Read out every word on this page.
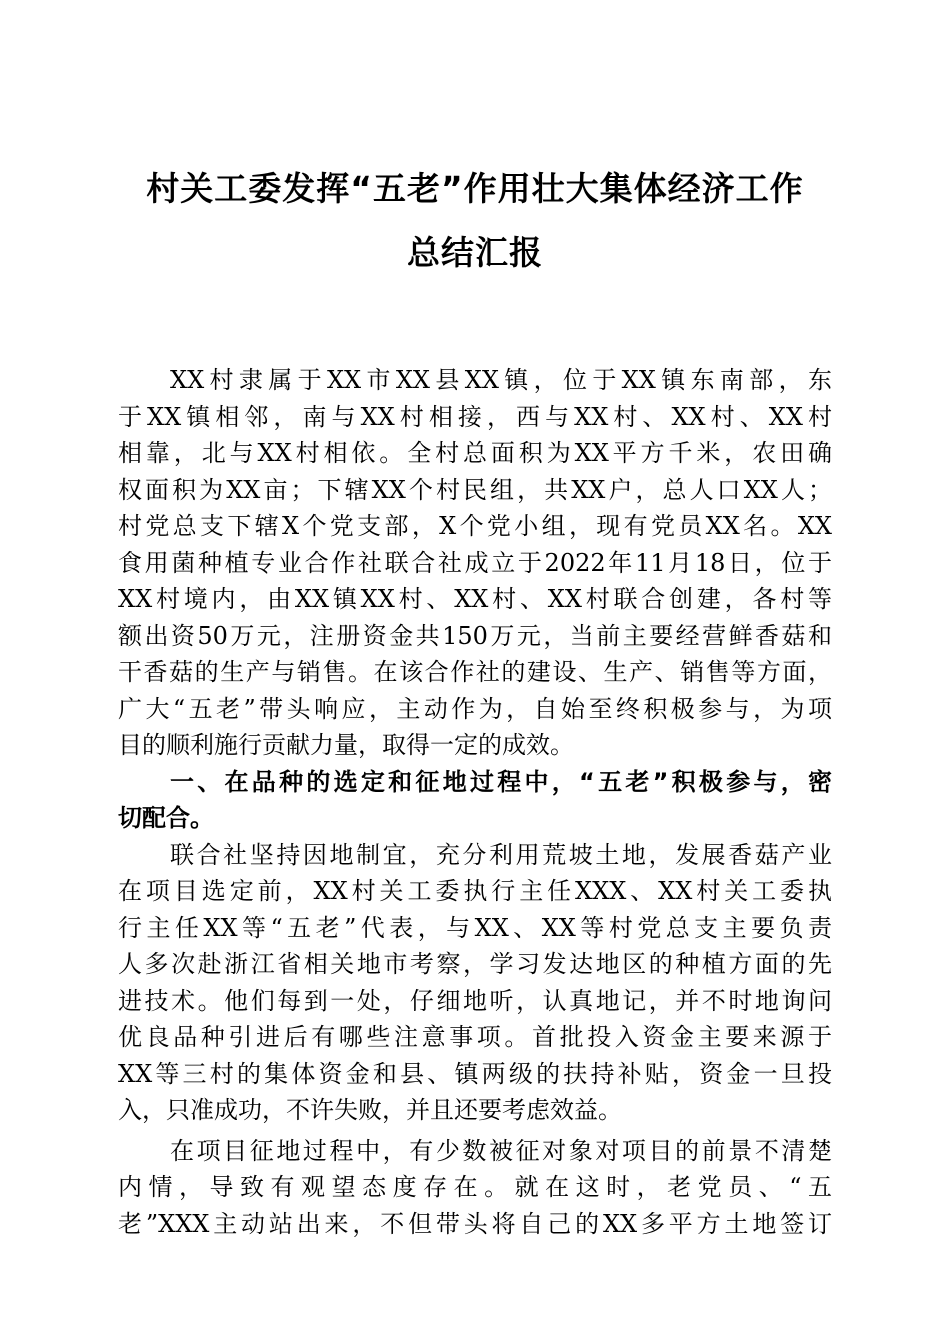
村关工委发挥“五老”作用壮大集体经济工作
总结汇报
XX村隶属于XX市XX县XX镇，位于XX镇东南部，东
于XX镇相邻，南与XX村相接，西与XX村、XX村、XX村
相靠，北与XX村相依。全村总面积为XX平方千米，农田确
权面积为XX亩；下辖XX个村民组，共XX户，总人口XX人；
村党总支下辖X个党支部，X个党小组，现有党员XX名。XX
食用菌种植专业合作社联合社成立于2022年11月18日，位于
XX村境内，由XX镇XX村、XX村、XX村联合创建，各村等
额出资50万元，注册资金共150万元，当前主要经营鲜香菇和
干香菇的生产与销售。在该合作社的建设、生产、销售等方面，
广大“五老”带头响应，主动作为，自始至终积极参与，为项
目的顺利施行贡献力量，取得一定的成效。
一、在品种的选定和征地过程中，“五老”积极参与，密
切配合。
联合社坚持因地制宜，充分利用荒坡土地，发展香菇产业
在项目选定前，XX村关工委执行主任XXX、XX村关工委执
行主任XX等“五老”代表，与XX、XX等村党总支主要负责
人多次赴浙江省相关地市考察，学习发达地区的种植方面的先
进技术。他们每到一处，仔细地听，认真地记，并不时地询问
优良品种引进后有哪些注意事项。首批投入资金主要来源于
XX等三村的集体资金和县、镇两级的扶持补贴，资金一旦投
入，只准成功，不许失败，并且还要考虑效益。
在项目征地过程中，有少数被征对象对项目的前景不清楚
内情，导致有观望态度存在。就在这时，老党员、“五
老”XXX主动站出来，不但带头将自己的XX多平方土地签订
